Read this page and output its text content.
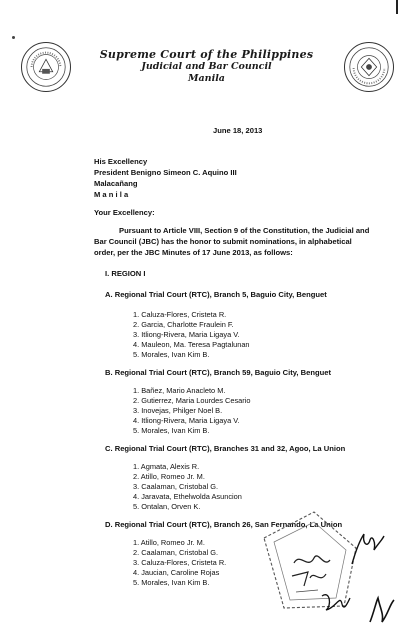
Supreme Court of the Philippines
Judicial and Bar Council
Manila
June 18, 2013
His Excellency
President Benigno Simeon C. Aquino III
Malacañang
M a n i l a
Your Excellency:
Pursuant to Article VIII, Section 9 of the Constitution, the Judicial and
Bar Council (JBC) has the honor to submit nominations, in alphabetical
order, per the JBC Minutes of 17 June 2013, as follows:
I. REGION I
A. Regional Trial Court (RTC), Branch 5, Baguio City, Benguet
1. Caluza-Flores, Cristeta R.
2. Garcia, Charlotte Fraulein F.
3. Itliong-Rivera, Maria Ligaya V.
4. Mauleon, Ma. Teresa Pagtalunan
5. Morales, Ivan Kim B.
B. Regional Trial Court (RTC), Branch 59, Baguio City, Benguet
1. Bañez, Mario Anacleto M.
2. Gutierrez, Maria Lourdes Cesario
3. Inovejas, Philger Noel B.
4. Itliong-Rivera, Maria Ligaya V.
5. Morales, Ivan Kim B.
C. Regional Trial Court (RTC), Branches 31 and 32, Agoo, La Union
1. Agmata, Alexis R.
2. Atillo, Romeo Jr. M.
3. Caalaman, Cristobal G.
4. Jaravata, Ethelwolda Asuncion
5. Ontalan, Orven K.
D. Regional Trial Court (RTC), Branch 26, San Fernando, La Union
1. Atillo, Romeo Jr. M.
2. Caalaman, Cristobal G.
3. Caluza-Flores, Cristeta R.
4. Jaucian, Caroline Rojas
5. Morales, Ivan Kim B.
